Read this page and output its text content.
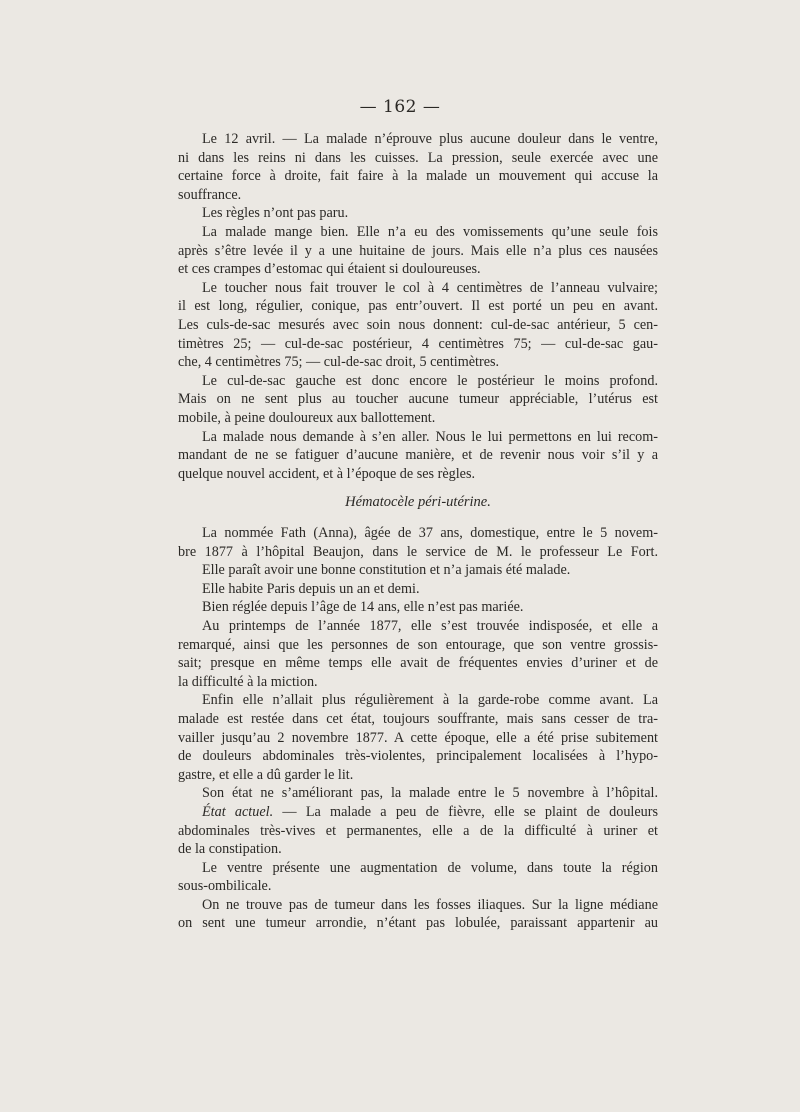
— 162 —
Le 12 avril. — La malade n’éprouve plus aucune douleur dans le ventre,
ni dans les reins ni dans les cuisses. La pression, seule exercée avec une
certaine force à droite, fait faire à la malade un mouvement qui accuse la
souffrance.
Les règles n’ont pas paru.
La malade mange bien. Elle n’a eu des vomissements qu’une seule fois
après s’être levée il y a une huitaine de jours. Mais elle n’a plus ces nausées
et ces crampes d’estomac qui étaient si douloureuses.
Le toucher nous fait trouver le col à 4 centimètres de l’anneau vulvaire;
il est long, régulier, conique, pas entr’ouvert. Il est porté un peu en avant.
Les culs-de-sac mesurés avec soin nous donnent: cul-de-sac antérieur, 5 cen-
timètres 25; — cul-de-sac postérieur, 4 centimètres 75; — cul-de-sac gau-
che, 4 centimètres 75; — cul-de-sac droit, 5 centimètres.
Le cul-de-sac gauche est donc encore le postérieur le moins profond.
Mais on ne sent plus au toucher aucune tumeur appréciable, l’utérus est
mobile, à peine douloureux aux ballottement.
La malade nous demande à s’en aller. Nous le lui permettons en lui recom-
mandant de ne se fatiguer d’aucune manière, et de revenir nous voir s’il y a
quelque nouvel accident, et à l’époque de ses règles.
Hématocèle péri-utérine.
La nommée Fath (Anna), âgée de 37 ans, domestique, entre le 5 novem-
bre 1877 à l’hôpital Beaujon, dans le service de M. le professeur Le Fort.
Elle paraît avoir une bonne constitution et n’a jamais été malade.
Elle habite Paris depuis un an et demi.
Bien réglée depuis l’âge de 14 ans, elle n’est pas mariée.
Au printemps de l’année 1877, elle s’est trouvée indisposée, et elle a
remarqué, ainsi que les personnes de son entourage, que son ventre grossis-
sait; presque en même temps elle avait de fréquentes envies d’uriner et de
la difficulté à la miction.
Enfin elle n’allait plus régulièrement à la garde-robe comme avant. La
malade est restée dans cet état, toujours souffrante, mais sans cesser de tra-
vailler jusqu’au 2 novembre 1877. A cette époque, elle a été prise subitement
de douleurs abdominales très-violentes, principalement localisées à l’hypo-
gastre, et elle a dû garder le lit.
Son état ne s’améliorant pas, la malade entre le 5 novembre à l’hôpital.
État actuel. — La malade a peu de fièvre, elle se plaint de douleurs
abdominales très-vives et permanentes, elle a de la difficulté à uriner et
de la constipation.
Le ventre présente une augmentation de volume, dans toute la région
sous-ombilicale.
On ne trouve pas de tumeur dans les fosses iliaques. Sur la ligne médiane
on sent une tumeur arrondie, n’étant pas lobulée, paraissant appartenir au
